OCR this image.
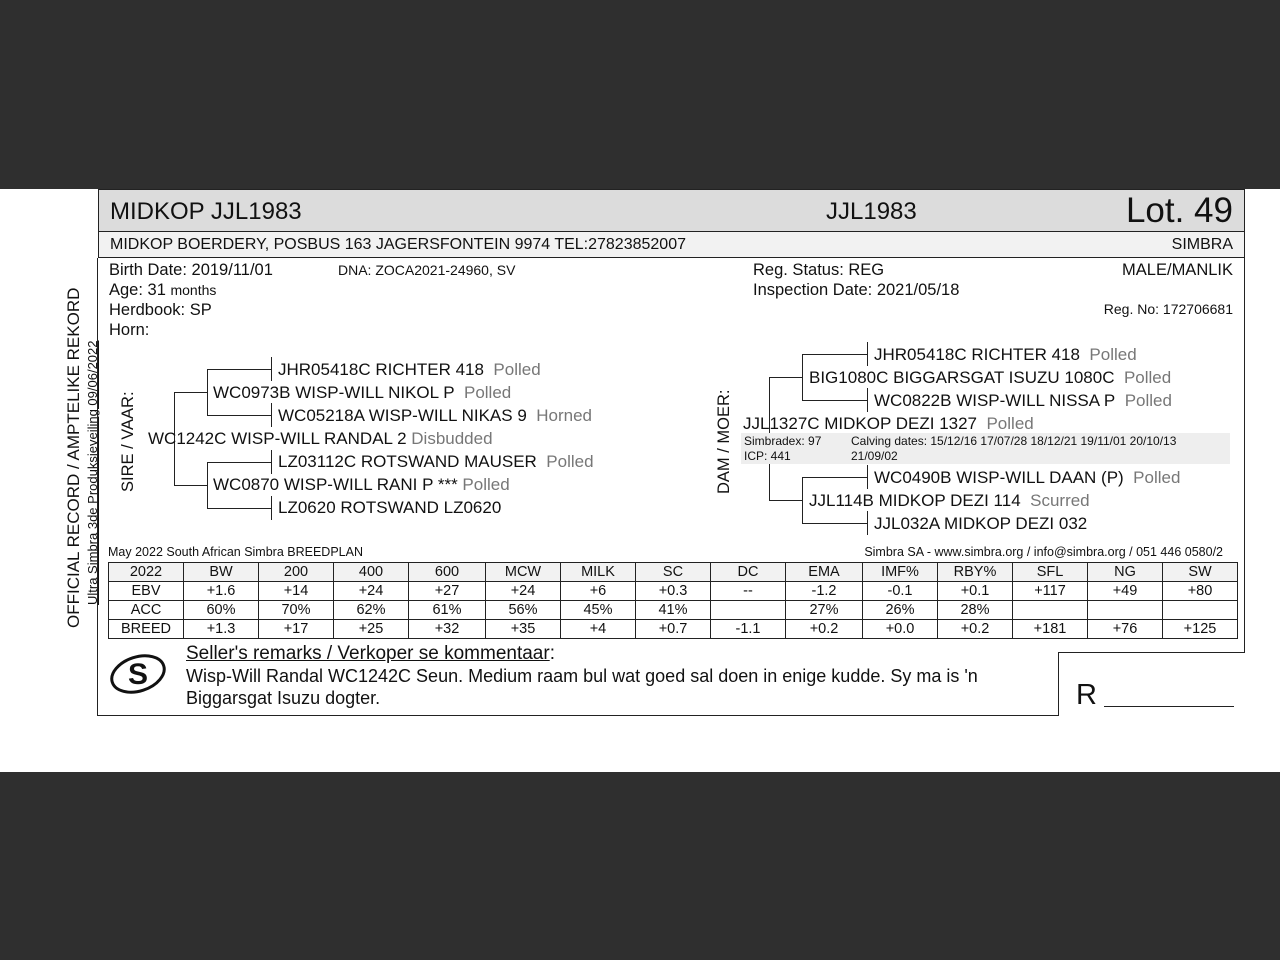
MIDKOP JJL1983	JJL1983	Lot. 49
MIDKOP BOERDERY, POSBUS 163 JAGERSFONTEIN 9974 TEL:27823852007	SIMBRA
OFFICIAL RECORD / AMPTELIKE REKORD Ultra Simbra 3de Produksieveiling 09/06/2022
Birth Date: 2019/11/01	DNA: ZOCA2021-24960, SV
Age: 31 months
Herdbook: SP
Horn:
Reg. Status: REG
Inspection Date: 2021/05/18
MALE/MANLIK
Reg. No: 172706681
SIRE / VAAR:
JHR05418C RICHTER 418 Polled
WC0973B WISP-WILL NIKOL P Polled
WC05218A WISP-WILL NIKAS 9 Horned
WC1242C WISP-WILL RANDAL 2 Disbudded
LZ03112C ROTSWAND MAUSER Polled
WC0870 WISP-WILL RANI P *** Polled
LZ0620 ROTSWAND LZ0620
DAM / MOER:
JHR05418C RICHTER 418 Polled
BIG1080C BIGGARSGAT ISUZU 1080C Polled
WC0822B WISP-WILL NISSA P Polled
JJL1327C MIDKOP DEZI 1327 Polled
Simbradex: 97
ICP: 441
Calving dates: 15/12/16 17/07/28 18/12/21 19/11/01 20/10/13
21/09/02
WC0490B WISP-WILL DAAN (P) Polled
JJL114B MIDKOP DEZI 114 Scurred
JJL032A MIDKOP DEZI 032
May 2022 South African Simbra BREEDPLAN	Simbra SA - www.simbra.org / info@simbra.org / 051 446 0580/2
2022	BW	200	400	600	MCW	MILK	SC	DC	EMA	IMF%	RBY%	SFL	NG	SW
EBV	+1.6	+14	+24	+27	+24	+6	+0.3	--	-1.2	-0.1	+0.1	+117	+49	+80
ACC	60%	70%	62%	61%	56%	45%	41%		27%	26%	28%			
BREED	+1.3	+17	+25	+32	+35	+4	+0.7	-1.1	+0.2	+0.0	+0.2	+181	+76	+125
S
Seller's remarks / Verkoper se kommentaar:
Wisp-Will Randal WC1242C Seun. Medium raam bul wat goed sal doen in enige kudde. Sy ma is 'n
Biggarsgat Isuzu dogter.	R
